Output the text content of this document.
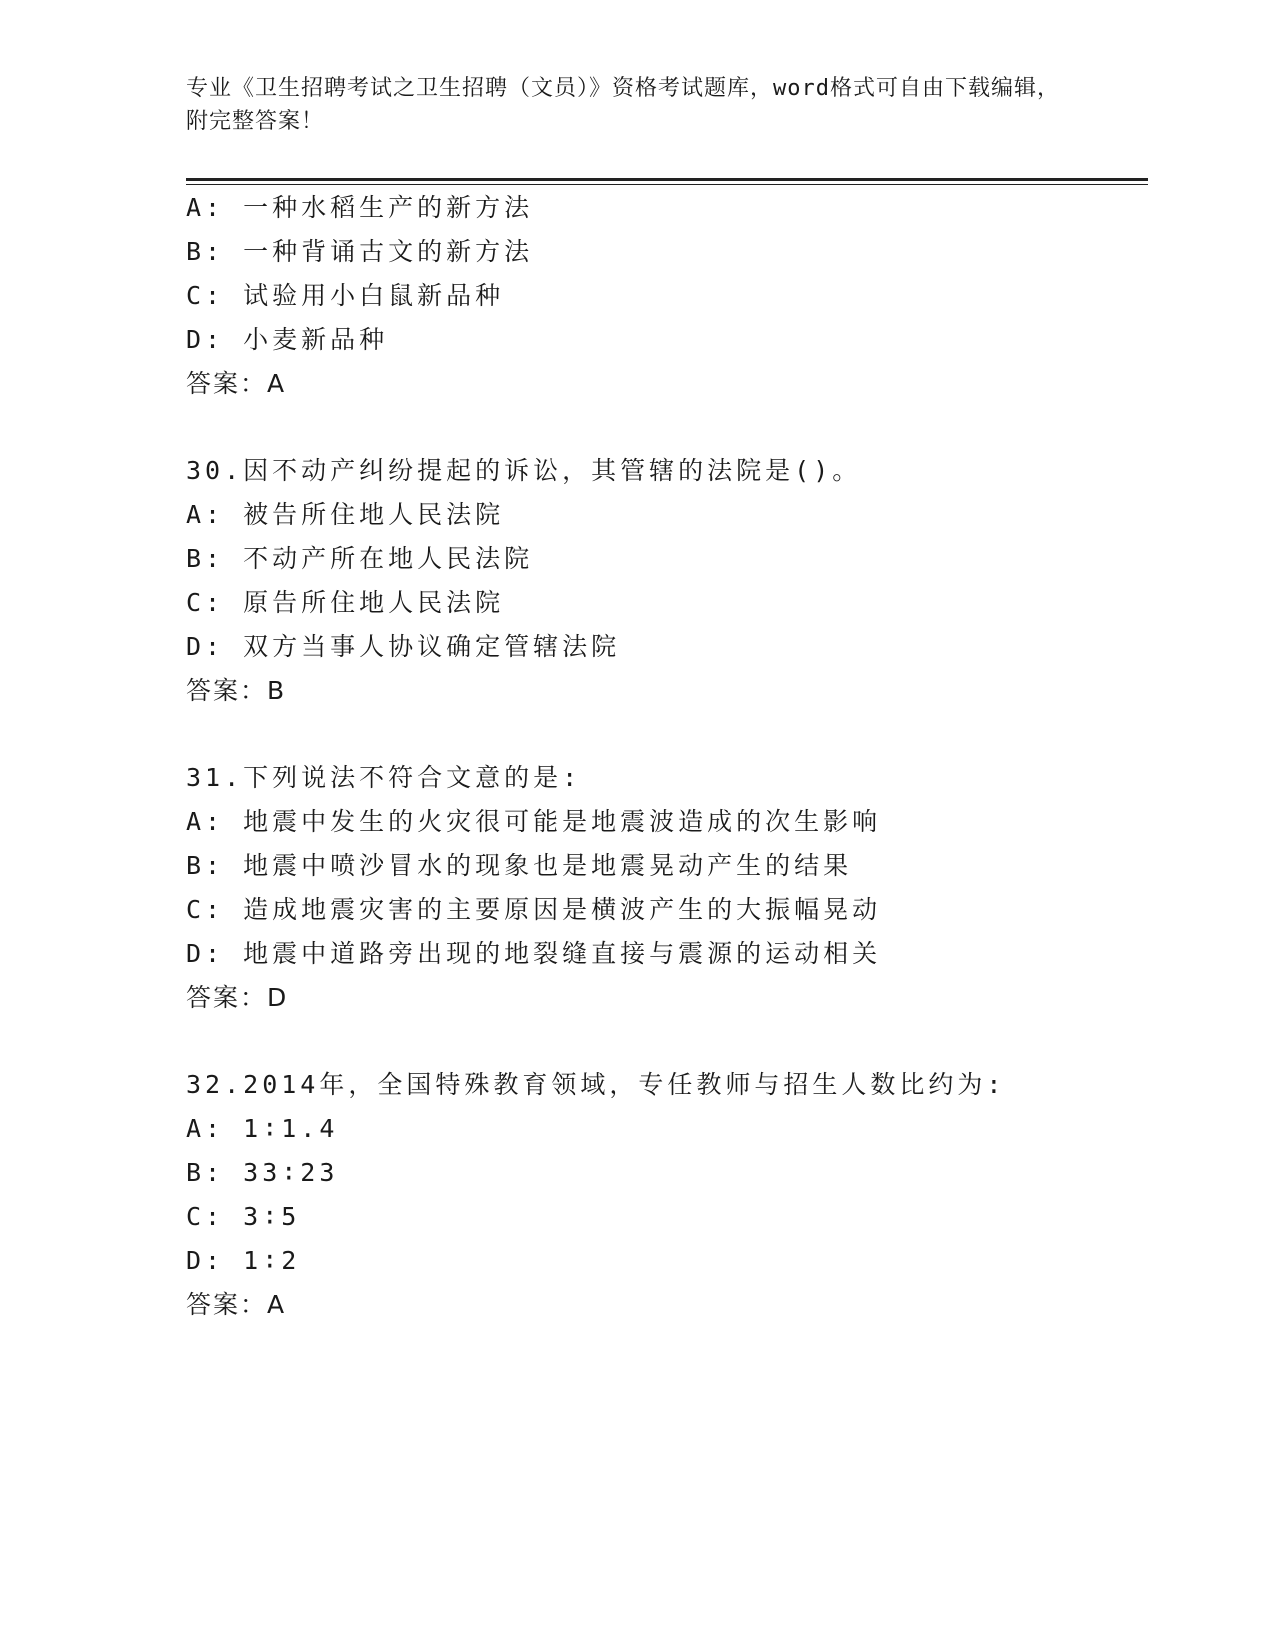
专业《卫生招聘考试之卫生招聘（文员）》资格考试题库，word格式可自由下载编辑，附完整答案！
A: 一种水稻生产的新方法
B: 一种背诵古文的新方法
C: 试验用小白鼠新品种
D: 小麦新品种
答案：A
30.因不动产纠纷提起的诉讼，其管辖的法院是()。
A: 被告所住地人民法院
B: 不动产所在地人民法院
C: 原告所住地人民法院
D: 双方当事人协议确定管辖法院
答案：B
31.下列说法不符合文意的是:
A: 地震中发生的火灾很可能是地震波造成的次生影响
B: 地震中喷沙冒水的现象也是地震晃动产生的结果
C: 造成地震灾害的主要原因是横波产生的大振幅晃动
D: 地震中道路旁出现的地裂缝直接与震源的运动相关
答案：D
32.2014年，全国特殊教育领域，专任教师与招生人数比约为:
A: 1∶1.4
B: 33∶23
C: 3∶5
D: 1∶2
答案：A
